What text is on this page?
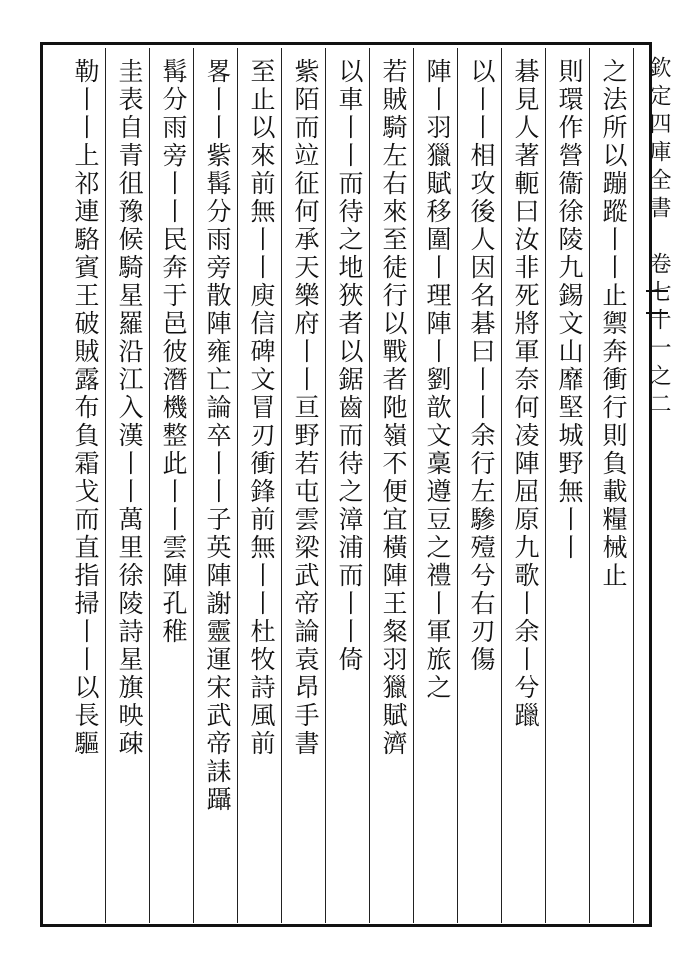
欽定四庫全書　卷七十一之二
之法所以蹦蹤丨丨止禦奔衝行則負載糧械止
則環作營衞徐陵九錫文山靡堅城野無丨丨
碁見人著軛曰汝非死將軍奈何凌陣屈原九歌丨余丨兮躐
以丨丨相攻後人因名碁曰丨丨余行左驂殪兮右刃傷
陣丨羽獵賦移圍丨理陣丨劉歆文稾遵豆之禮丨軍旅之
若賊騎左右來至徒行以戰者阤嶺不便宜橫陣王粲羽獵賦濟
以車丨丨而待之地狹者以鋸齒而待之漳浦而丨丨倚
紫陌而竝征何承天樂府丨丨亘野若屯雲梁武帝論袁昂手書
至止以來前無丨丨庾信碑文冒刃衝鋒前無丨丨杜牧詩風前
畧丨丨紫髯分雨旁散陣雍亡論卒丨丨子英陣謝靈運宋武帝誄躡
髯分雨旁丨丨民奔于邑彼潛機整此丨丨雲陣孔稚
圭表自青徂豫候騎星羅沿江入漢丨丨萬里徐陵詩星旗映疎
勒丨丨上祁連駱賓王破賊露布負霜戈而直指掃丨丨以長驅
